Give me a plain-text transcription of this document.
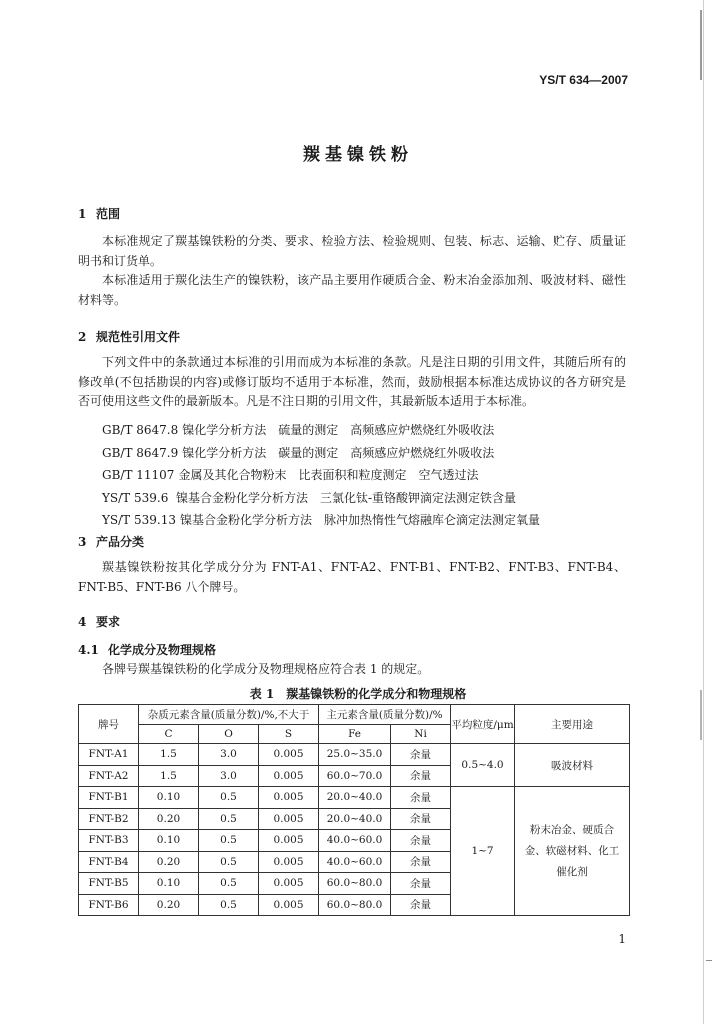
YS/T 634—2007
羰基镍铁粉
1 范围

本标准规定了羰基镍铁粉的分类、要求、检验方法、检验规则、包装、标志、运输、贮存、质量证明书和订货单。

本标准适用于羰化法生产的镍铁粉，该产品主要用作硬质合金、粉末冶金添加剂、吸波材料、磁性材料等。

2 规范性引用文件

下列文件中的条款通过本标准的引用而成为本标准的条款。凡是注日期的引用文件，其随后所有的修改单(不包括勘误的内容)或修订版均不适用于本标准，然而，鼓励根据本标准达成协议的各方研究是否可使用这些文件的最新版本。凡是不注日期的引用文件，其最新版本适用于本标准。

GB/T 8647.8 镍化学分析方法　硫量的测定　高频感应炉燃烧红外吸收法
GB/T 8647.9 镍化学分析方法　碳量的测定　高频感应炉燃烧红外吸收法
GB/T 11107 金属及其化合物粉末　比表面积和粒度测定　空气透过法
YS/T 539.6 镍基合金粉化学分析方法　三氯化钛-重铬酸钾滴定法测定铁含量
YS/T 539.13 镍基合金粉化学分析方法　脉冲加热惰性气熔融库仑滴定法测定氧量
3 产品分类

羰基镍铁粉按其化学成分分为 FNT-A1、FNT-A2、FNT-B1、FNT-B2、FNT-B3、FNT-B4、FNT-B5、FNT-B6 八个牌号。

4 要求
4.1 化学成分及物理规格

各牌号羰基镍铁粉的化学成分及物理规格应符合表 1 的规定。

表 1　羰基镍铁粉的化学成分和物理规格
牌号	杂质元素含量(质量分数)/%,不大于			主元素含量(质量分数)/%		平均粒度/μm	主要用途
	C	O	S	Fe	Ni		
FNT-A1	1.5	3.0	0.005	25.0~35.0	余量	0.5~4.0	吸波材料
FNT-A2	1.5	3.0	0.005	60.0~70.0	余量		
FNT-B1	0.10	0.5	0.005	20.0~40.0	余量	1~7	粉末冶金、硬质合金、软磁材料、化工催化剂
FNT-B2	0.20	0.5	0.005	20.0~40.0	余量		
FNT-B3	0.10	0.5	0.005	40.0~60.0	余量		
FNT-B4	0.20	0.5	0.005	40.0~60.0	余量		
FNT-B5	0.10	0.5	0.005	60.0~80.0	余量		
FNT-B6	0.20	0.5	0.005	60.0~80.0	余量		
1
